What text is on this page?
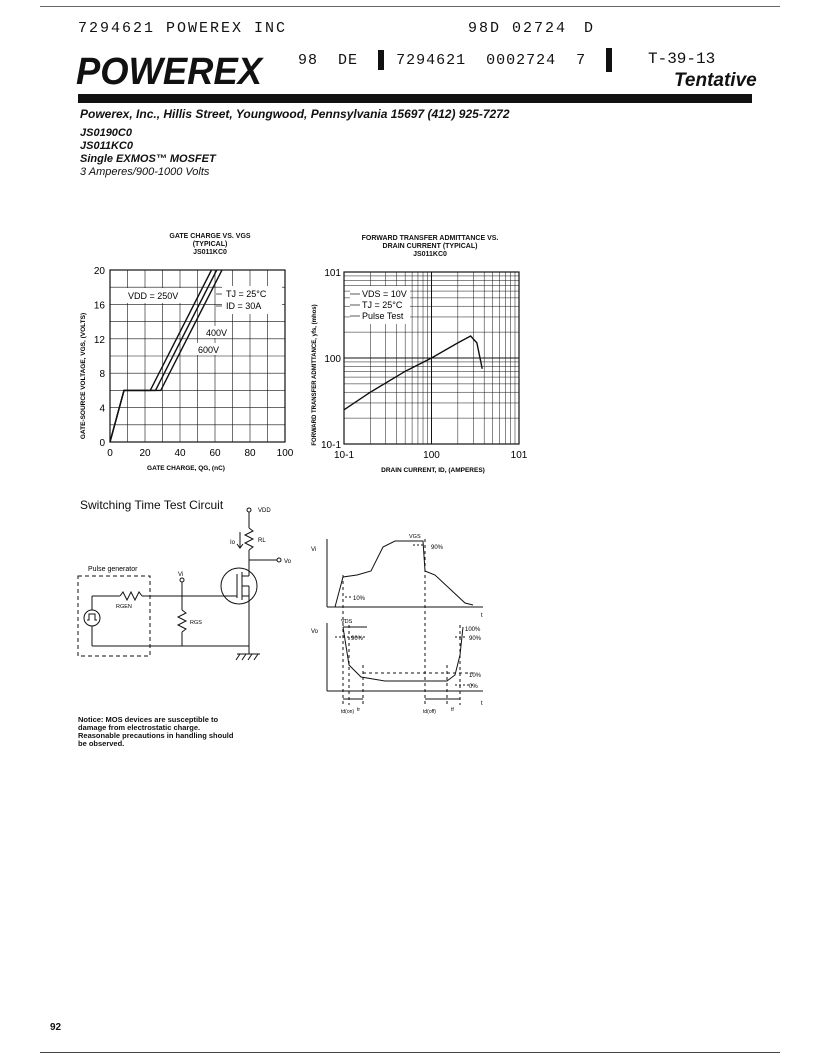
7294621 POWEREX INC	98D 02724 D
POWEREX 98 DE	7294621 0002724 7	T-39-13
Tentative
Powerex, Inc., Hillis Street, Youngwood, Pennsylvania 15697 (412) 925-7272
JS0190C0
JS011KC0
Single EXMOS™ MOSFET
3 Amperes/900-1000 Volts
GATE CHARGE VS. VGS
(TYPICAL)
JS011KC0
0	20 40 60 80 100
0
4
8
12
16
20
GATE-SOURCE VOLTAGE, VGS, (VOLTS)
GATE CHARGE, QG, (nC)
VDD = 250V	TJ = 25°C
ID = 30A
400V
600V
FORWARD TRANSFER ADMITTANCE VS.
DRAIN CURRENT (TYPICAL)
JS011KC0
10-1	100	101
10-1
100
101
FORWARD TRANSFER ADMITTANCE, yfs, (mhos)
DRAIN CURRENT, ID, (AMPERES)
VDS = 10V
TJ = 25°C
Pulse Test
Switching Time Test Circuit	VDD
Io	RL
Vo
Vi
Pulse generator
RGEN
RGS
Vi
VGS
90%
10%
Vo
VDS
90%
100%
90%
10%
0%
t
t
td(on) tr	td(off)	tf
Notice: MOS devices are susceptible to
damage from electrostatic charge.
Reasonable precautions in handling should
be observed.
92
